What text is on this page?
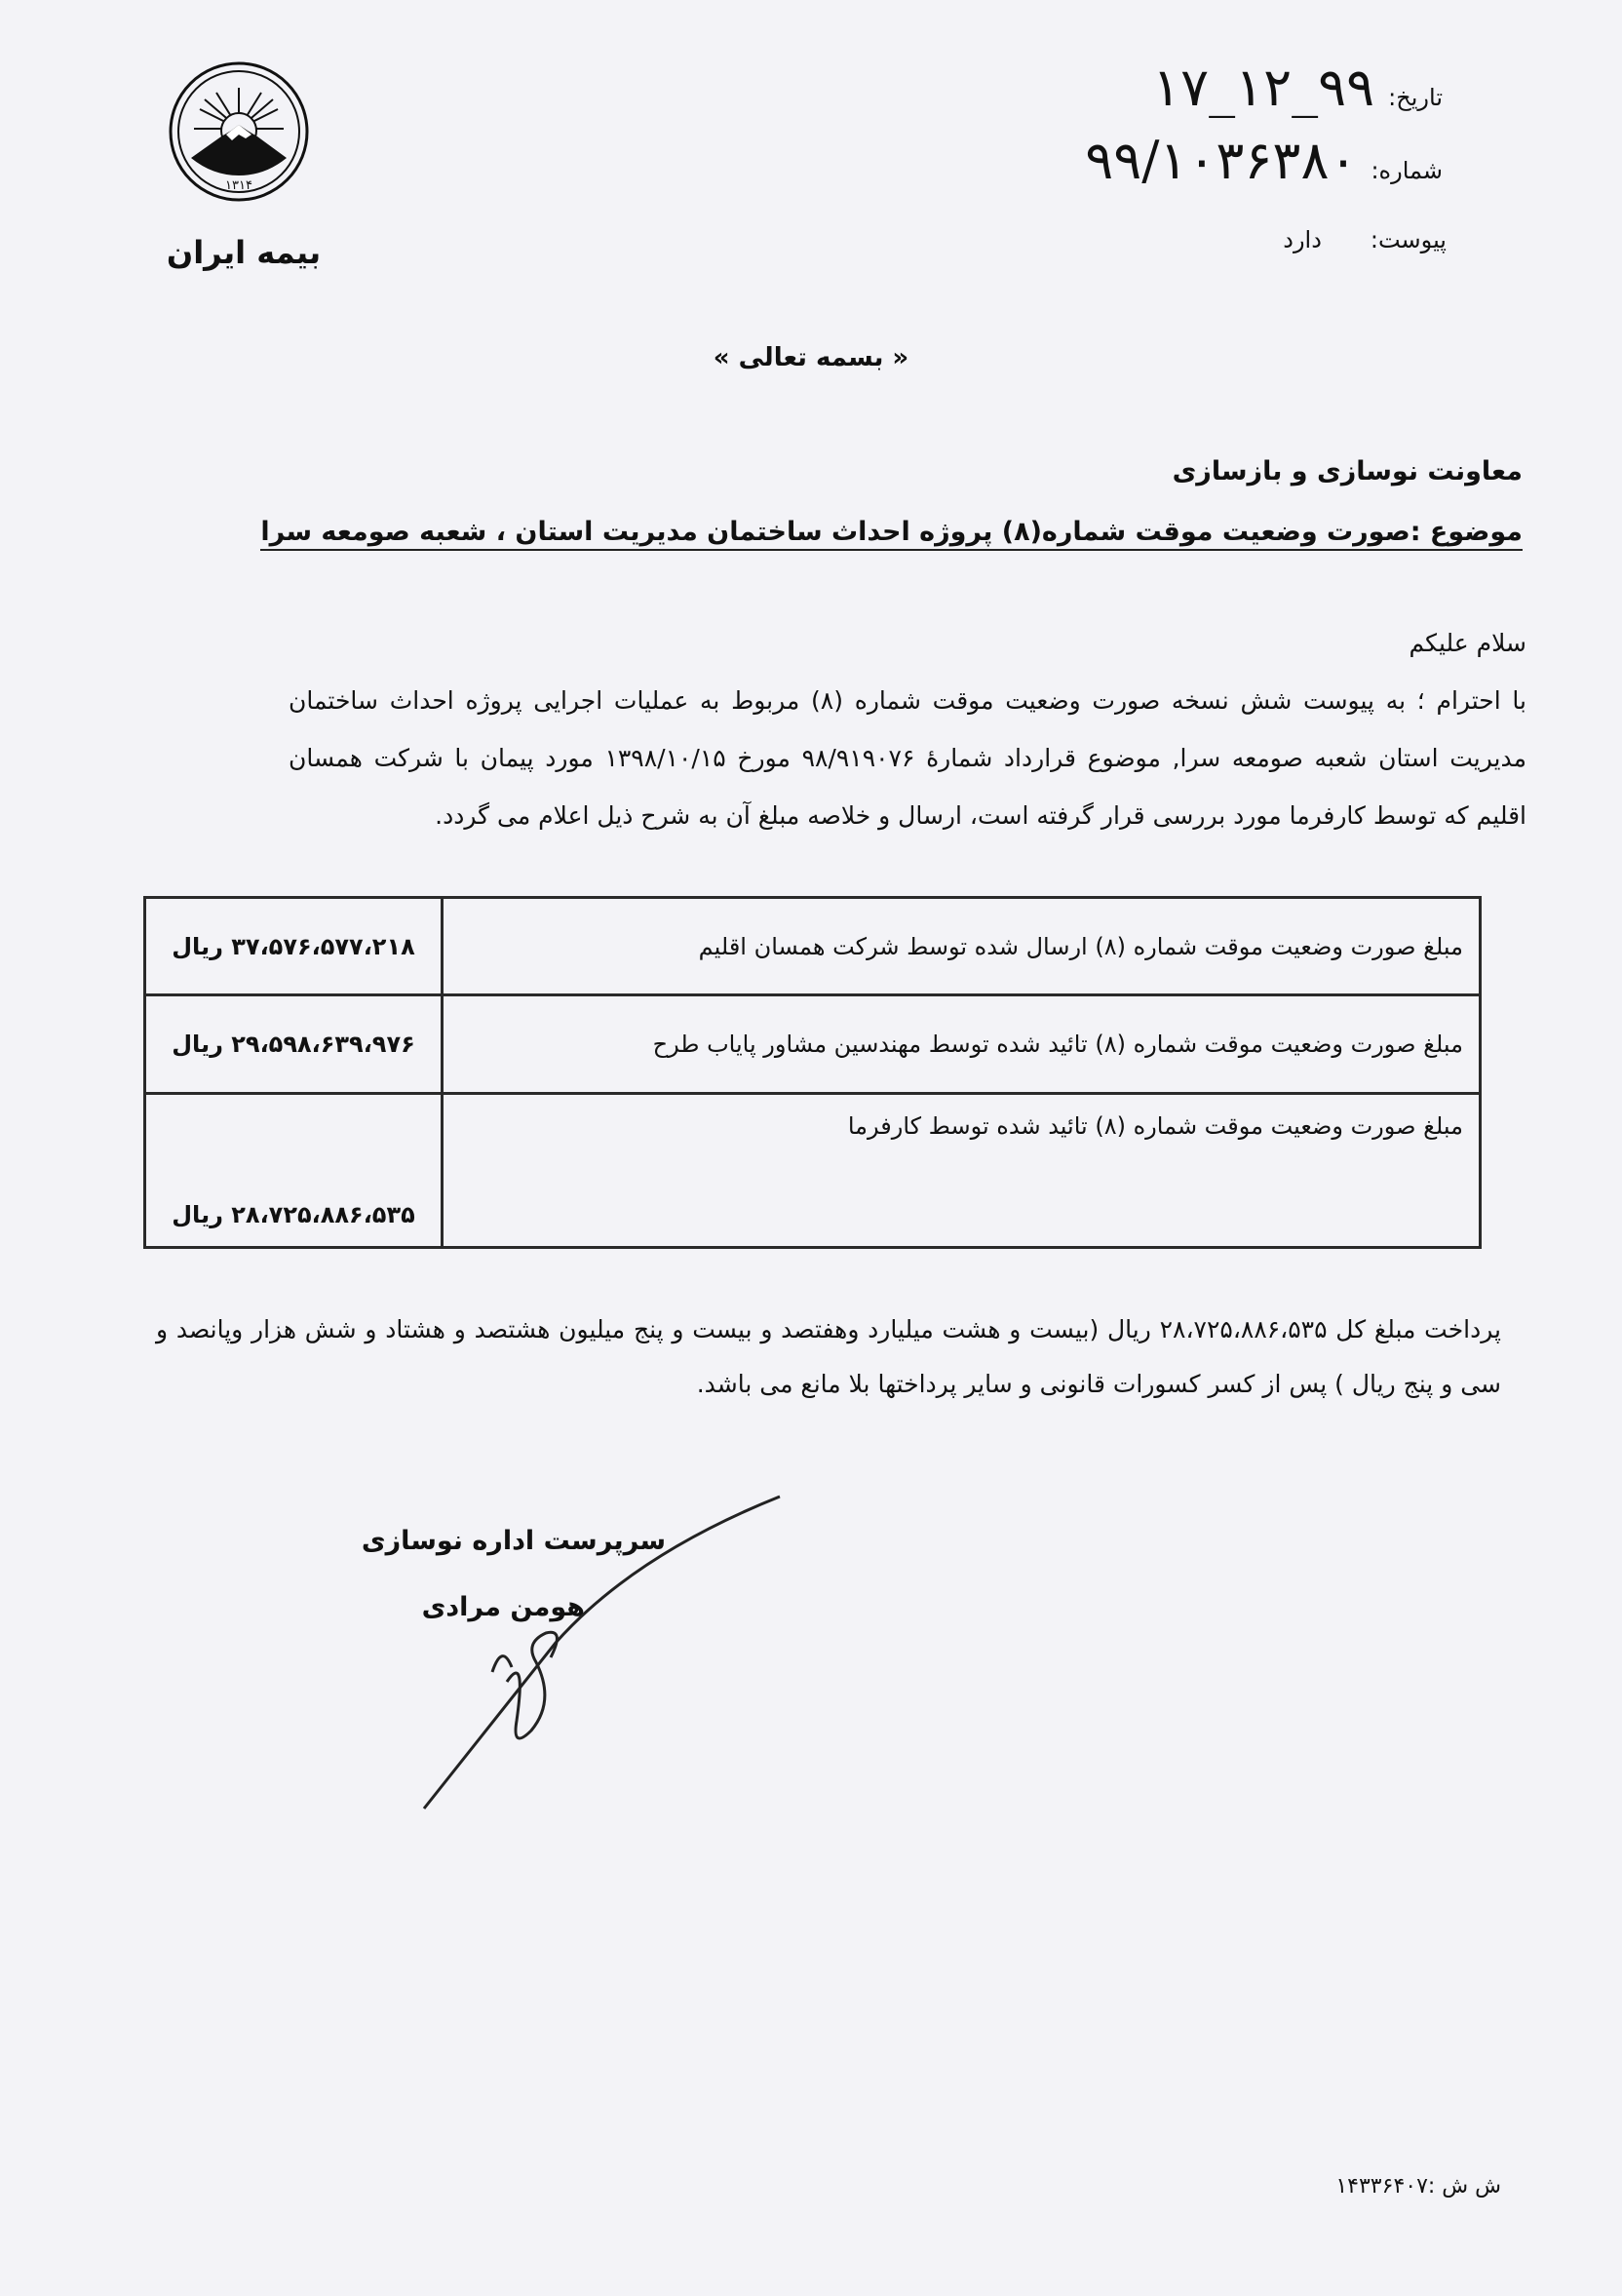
۱۳۱۴
بیمه ایران
تاریخ:
۹۹_۱۲_۱۷
شماره:
۹۹/۱۰۳۶۳۸۰
پیوست:
دارد
« بسمه تعالی »
معاونت نوسازی و بازسازی
موضوع :صورت وضعیت موقت شماره(۸) پروژه احداث ساختمان مدیریت استان ، شعبه صومعه سرا
سلام علیکم
با احترام ؛ به پیوست شش نسخه صورت وضعیت موقت شماره (۸) مربوط به عملیات اجرایی پروژه احداث ساختمان مدیریت استان شعبه صومعه سرا, موضوع قرارداد شمارهٔ ۹۸/۹۱۹۰۷۶ مورخ ۱۳۹۸/۱۰/۱۵ مورد پیمان با شرکت همسان اقلیم که توسط کارفرما مورد بررسی قرار گرفته است، ارسال و خلاصه مبلغ آن به شرح ذیل اعلام می گردد.
مبلغ صورت وضعیت موقت شماره (۸) ارسال شده توسط شرکت همسان اقلیم	۳۷،۵۷۶،۵۷۷،۲۱۸ ریال
مبلغ صورت وضعیت موقت شماره (۸) تائید شده توسط مهندسین مشاور پایاب طرح	۲۹،۵۹۸،۶۳۹،۹۷۶ ریال
مبلغ صورت وضعیت موقت شماره (۸) تائید شده توسط کارفرما	۲۸،۷۲۵،۸۸۶،۵۳۵ ریال
پرداخت مبلغ کل ۲۸،۷۲۵،۸۸۶،۵۳۵ ریال (بیست و هشت میلیارد وهفتصد و بیست و پنج میلیون هشتصد و هشتاد و شش هزار وپانصد و سی و پنج ریال ) پس از کسر کسورات قانونی و سایر پرداختها بلا مانع می باشد.
سرپرست اداره نوسازی
هومن مرادی
ش ش :۱۴۳۳۶۴۰۷
